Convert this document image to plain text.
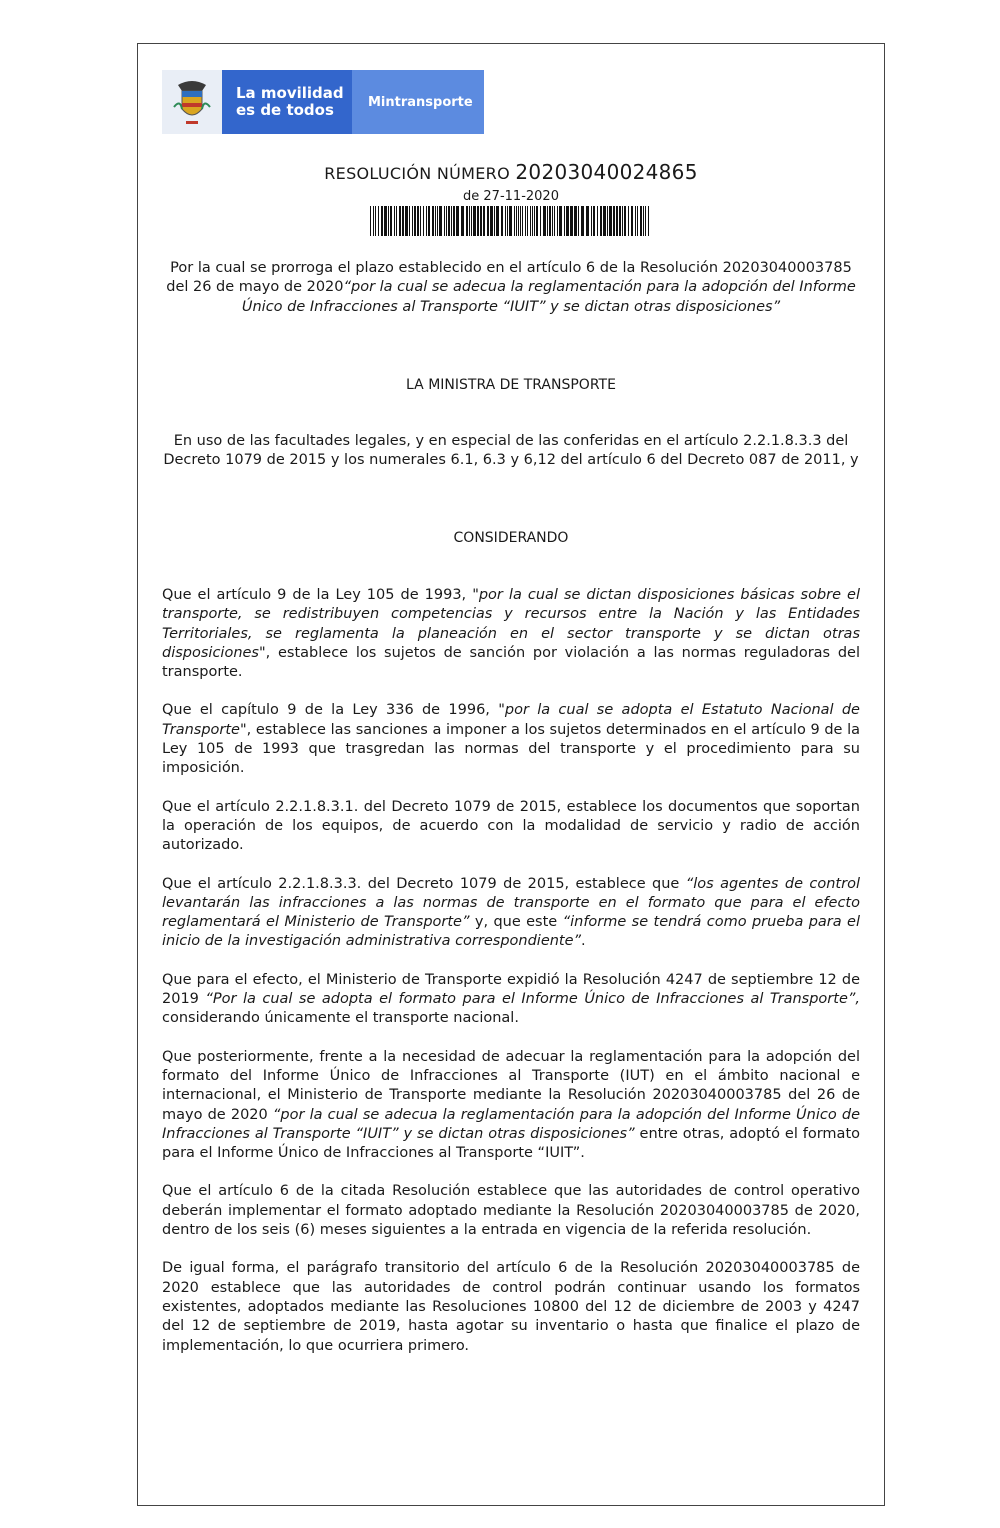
La movilidad
es de todos	Mintransporte
RESOLUCIÓN NÚMERO 20203040024865
de 27-11-2020
Por la cual se prorroga el plazo establecido en el artículo 6 de la Resolución 20203040003785 del 26 de mayo de 2020“por la cual se adecua la reglamentación para la adopción del Informe Único de Infracciones al Transporte “IUIT” y se dictan otras disposiciones”
LA MINISTRA DE TRANSPORTE
En uso de las facultades legales, y en especial de las conferidas en el artículo 2.2.1.8.3.3 del Decreto 1079 de 2015 y los numerales 6.1, 6.3 y 6,12 del artículo 6 del Decreto 087 de 2011, y
CONSIDERANDO

Que el artículo 9 de la Ley 105 de 1993, "por la cual se dictan disposiciones básicas sobre el transporte, se redistribuyen competencias y recursos entre la Nación y las Entidades Territoriales, se reglamenta la planeación en el sector transporte y se dictan otras disposiciones", establece los sujetos de sanción por violación a las normas reguladoras del transporte.

Que el capítulo 9 de la Ley 336 de 1996, "por la cual se adopta el Estatuto Nacional de Transporte", establece las sanciones a imponer a los sujetos determinados en el artículo 9 de la Ley 105 de 1993 que trasgredan las normas del transporte y el procedimiento para su imposición.

Que el artículo 2.2.1.8.3.1. del Decreto 1079 de 2015, establece los documentos que soportan la operación de los equipos, de acuerdo con la modalidad de servicio y radio de acción autorizado.

Que el artículo 2.2.1.8.3.3. del Decreto 1079 de 2015, establece que “los agentes de control levantarán las infracciones a las normas de transporte en el formato que para el efecto reglamentará el Ministerio de Transporte” y, que este “informe se tendrá como prueba para el inicio de la investigación administrativa correspondiente”.

Que para el efecto, el Ministerio de Transporte expidió la Resolución 4247 de septiembre 12 de 2019 “Por la cual se adopta el formato para el Informe Único de Infracciones al Transporte”, considerando únicamente el transporte nacional.

Que posteriormente, frente a la necesidad de adecuar la reglamentación para la adopción del formato del Informe Único de Infracciones al Transporte (IUT) en el ámbito nacional e internacional, el Ministerio de Transporte mediante la Resolución 20203040003785 del 26 de mayo de 2020 “por la cual se adecua la reglamentación para la adopción del Informe Único de Infracciones al Transporte “IUIT” y se dictan otras disposiciones” entre otras, adoptó el formato para el Informe Único de Infracciones al Transporte “IUIT”.

Que el artículo 6 de la citada Resolución establece que las autoridades de control operativo deberán implementar el formato adoptado mediante la Resolución 20203040003785 de 2020, dentro de los seis (6) meses siguientes a la entrada en vigencia de la referida resolución.

De igual forma, el parágrafo transitorio del artículo 6 de la Resolución 20203040003785 de 2020 establece que las autoridades de control podrán continuar usando los formatos existentes, adoptados mediante las Resoluciones 10800 del 12 de diciembre de 2003 y 4247 del 12 de septiembre de 2019, hasta agotar su inventario o hasta que finalice el plazo de implementación, lo que ocurriera primero.
